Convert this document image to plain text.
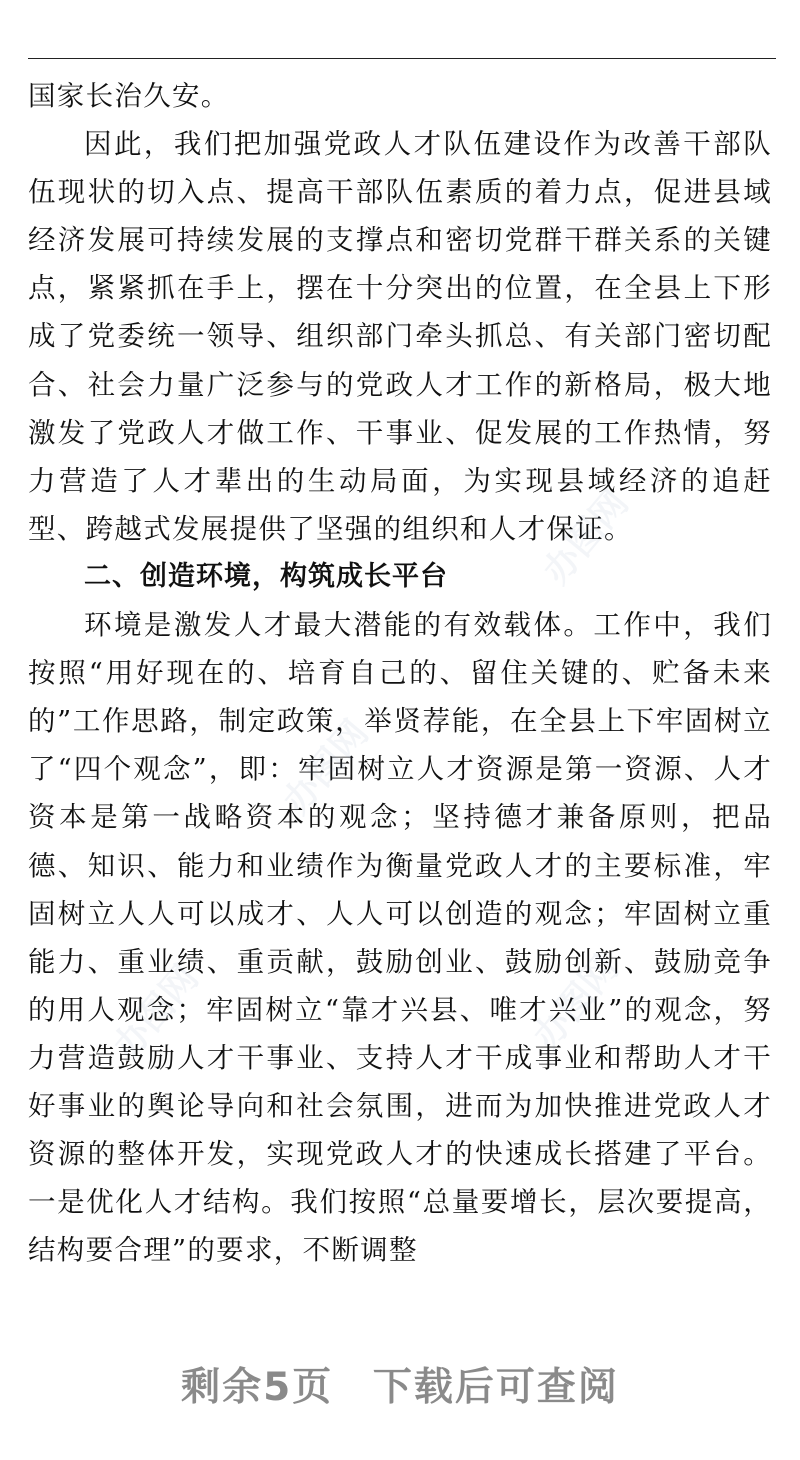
国家长治久安。

因此，我们把加强党政人才队伍建设作为改善干部队伍现状的切入点、提高干部队伍素质的着力点，促进县域经济发展可持续发展的支撑点和密切党群干群关系的关键点，紧紧抓在手上，摆在十分突出的位置，在全县上下形成了党委统一领导、组织部门牵头抓总、有关部门密切配合、社会力量广泛参与的党政人才工作的新格局，极大地激发了党政人才做工作、干事业、促发展的工作热情，努力营造了人才辈出的生动局面，为实现县域经济的追赶型、跨越式发展提供了坚强的组织和人才保证。

二、创造环境，构筑成长平台

环境是激发人才最大潜能的有效载体。工作中，我们按照“用好现在的、培育自己的、留住关键的、贮备未来的”工作思路，制定政策，举贤荐能，在全县上下牢固树立了“四个观念”，即：牢固树立人才资源是第一资源、人才资本是第一战略资本的观念；坚持德才兼备原则，把品德、知识、能力和业绩作为衡量党政人才的主要标准，牢固树立人人可以成才、人人可以创造的观念；牢固树立重能力、重业绩、重贡献，鼓励创业、鼓励创新、鼓励竞争的用人观念；牢固树立“靠才兴县、唯才兴业”的观念，努力营造鼓励人才干事业、支持人才干成事业和帮助人才干好事业的舆论导向和社会氛围，进而为加快推进党政人才资源的整体开发，实现党政人才的快速成长搭建了平台。一是优化人才结构。我们按照“总量要增长，层次要提高，结构要合理”的要求，不断调整

办图网
办图网
办图网
办图网
剩余5页 下载后可查阅
